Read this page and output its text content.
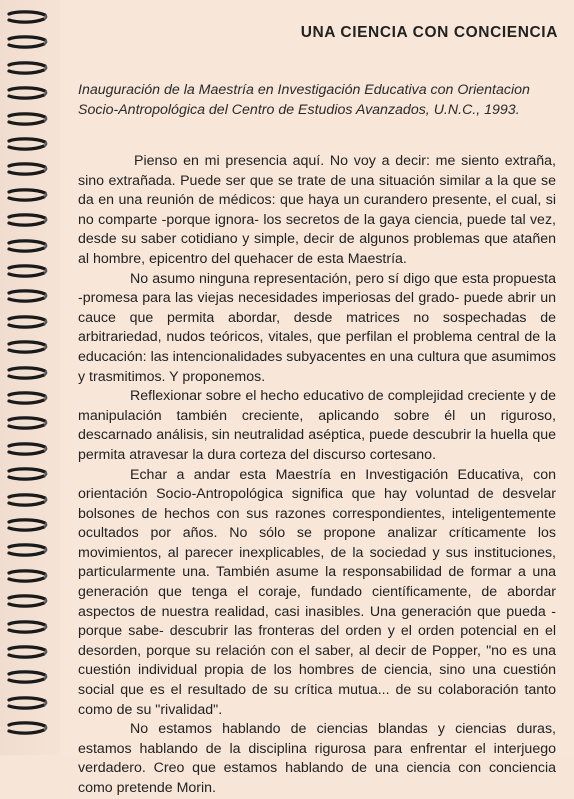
UNA CIENCIA CON CONCIENCIA

Inauguración de la Maestría en Investigación Educativa con Orientacion Socio-Antropológica del Centro de Estudios Avanzados, U.N.C., 1993.

Pienso en mi presencia aquí. No voy a decir: me siento extraña, sino extrañada. Puede ser que se trate de una situación similar a la que se da en una reunión de médicos: que haya un curandero presente, el cual, si no comparte -porque ignora- los secretos de la gaya ciencia, puede tal vez, desde su saber cotidiano y simple, decir de algunos problemas que atañen al hombre, epicentro del quehacer de esta Maestría.

No asumo ninguna representación, pero sí digo que esta propuesta -promesa para las viejas necesidades imperiosas del grado- puede abrir un cauce que permita abordar, desde matrices no sospechadas de arbitrariedad, nudos teóricos, vitales, que perfilan el problema central de la educación: las intencionalidades subyacentes en una cultura que asumimos y trasmitimos. Y proponemos.

Reflexionar sobre el hecho educativo de complejidad creciente y de manipulación también creciente, aplicando sobre él un riguroso, descarnado análisis, sin neutralidad aséptica, puede descubrir la huella que permita atravesar la dura corteza del discurso cortesano.

Echar a andar esta Maestría en Investigación Educativa, con orientación Socio-Antropológica significa que hay voluntad de desvelar bolsones de hechos con sus razones correspondientes, inteligentemente ocultados por años. No sólo se propone analizar críticamente los movimientos, al parecer inexplicables, de la sociedad y sus instituciones, particularmente una. También asume la responsabilidad de formar a una generación que tenga el coraje, fundado científicamente, de abordar aspectos de nuestra realidad, casi inasibles. Una generación que pueda -porque sabe- descubrir las fronteras del orden y el orden potencial en el desorden, porque su relación con el saber, al decir de Popper, "no es una cuestión individual propia de los hombres de ciencia, sino una cuestión social que es el resultado de su crítica mutua... de su colaboración tanto como de su "rivalidad".

No estamos hablando de ciencias blandas y ciencias duras, estamos hablando de la disciplina rigurosa para enfrentar el interjuego verdadero. Creo que estamos hablando de una ciencia con conciencia como pretende Morin.
